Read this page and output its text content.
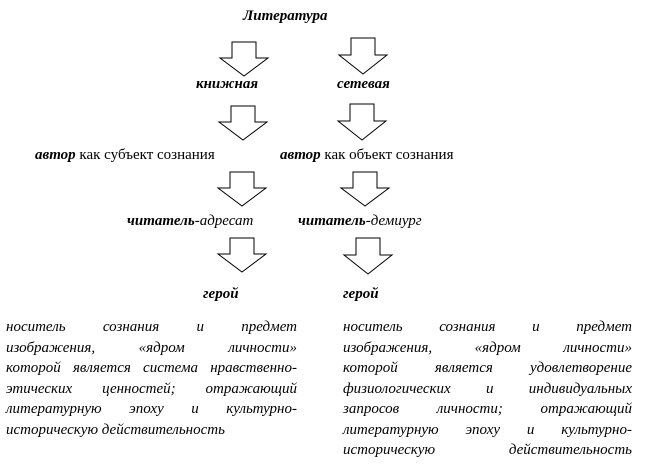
Литература
книжная
автор как субъект сознания
читатель-адресат
герой
сетевая
автор как объект сознания
читатель-демиург
герой
носитель сознания и предмет
изображения, «ядром личности»
которой является система нравственно-
этических ценностей; отражающий
литературную эпоху и культурно-
историческую действительность
носитель сознания и предмет
изображения, «ядром личности»
которой является удовлетворение
физиологических и индивидуальных
запросов личности; отражающий
литературную эпоху и культурно-
историческую действительность
